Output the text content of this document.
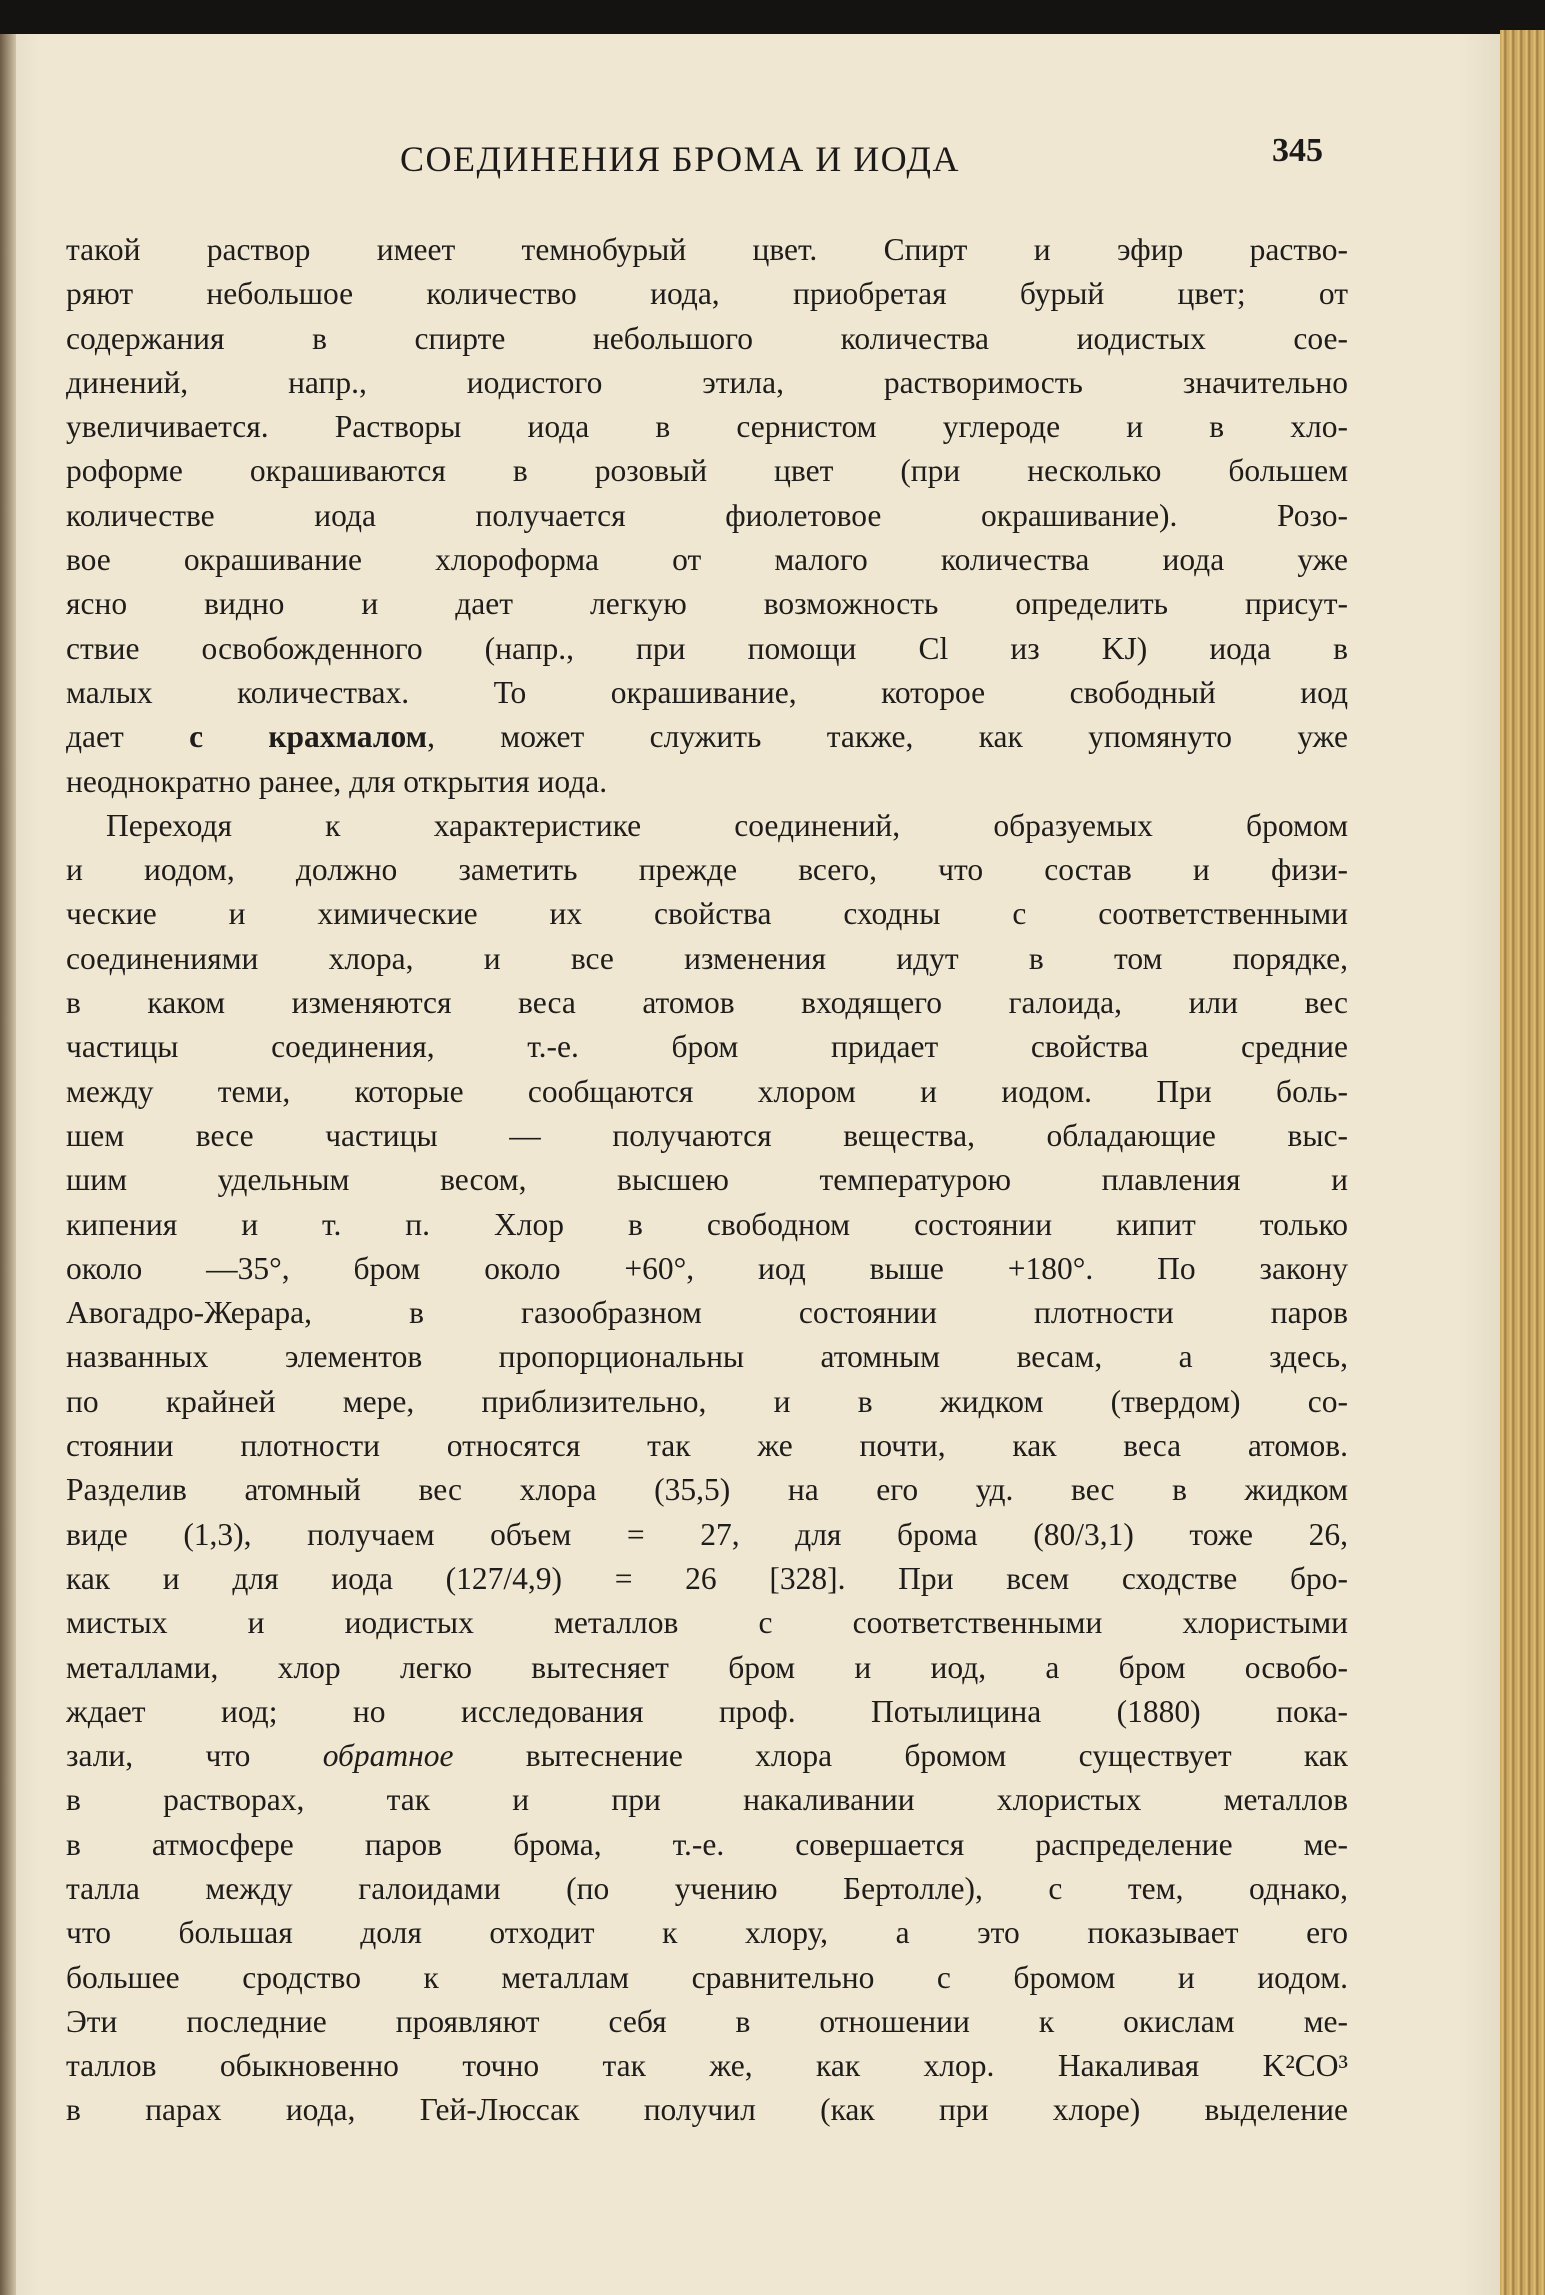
СОЕДИНЕНИЯ БРОМА И ИОДА	345
такой раствор имеет темнобурый цвет. Спирт и эфир раство-
ряют небольшое количество иода, приобретая бурый цвет; от
содержания в спирте небольшого количества иодистых сое-
динений, напр., иодистого этила, растворимость значительно
увеличивается. Растворы иода в сернистом углероде и в хло-
роформе окрашиваются в розовый цвет (при несколько большем
количестве иода получается фиолетовое окрашивание). Розо-
вое окрашивание хлороформа от малого количества иода уже
ясно видно и дает легкую возможность определить присут-
ствие освобожденного (напр., при помощи Cl из KJ) иода в
малых количествах. То окрашивание, которое свободный иод
дает с крахмалом, может служить также, как упомянуто уже
неоднократно ранее, для открытия иода.
Переходя к характеристике соединений, образуемых бромом
и иодом, должно заметить прежде всего, что состав и физи-
ческие и химические их свойства сходны с соответственными
соединениями хлора, и все изменения идут в том порядке,
в каком изменяются веса атомов входящего галоида, или вес
частицы соединения, т.-е. бром придает свойства средние
между теми, которые сообщаются хлором и иодом. При боль-
шем весе частицы — получаются вещества, обладающие выс-
шим удельным весом, высшею температурою плавления и
кипения и т. п. Хлор в свободном состоянии кипит только
около —35°, бром около +60°, иод выше +180°. По закону
Авогадро-Жерара, в газообразном состоянии плотности паров
названных элементов пропорциональны атомным весам, а здесь,
по крайней мере, приблизительно, и в жидком (твердом) со-
стоянии плотности относятся так же почти, как веса атомов.
Разделив атомный вес хлора (35,5) на его уд. вес в жидком
виде (1,3), получаем объем = 27, для брома (80/3,1) тоже 26,
как и для иода (127/4,9) = 26 [328]. При всем сходстве бро-
мистых и иодистых металлов с соответственными хлористыми
металлами, хлор легко вытесняет бром и иод, а бром освобо-
ждает иод; но исследования проф. Потылицина (1880) пока-
зали, что обратное вытеснение хлора бромом существует как
в растворах, так и при накаливании хлористых металлов
в атмосфере паров брома, т.-е. совершается распределение ме-
талла между галоидами (по учению Бертолле), с тем, однако,
что большая доля отходит к хлору, а это показывает его
большее сродство к металлам сравнительно с бромом и иодом.
Эти последние проявляют себя в отношении к окислам ме-
таллов обыкновенно точно так же, как хлор. Накаливая K²CO³
в парах иода, Гей-Люссак получил (как при хлоре) выделение
